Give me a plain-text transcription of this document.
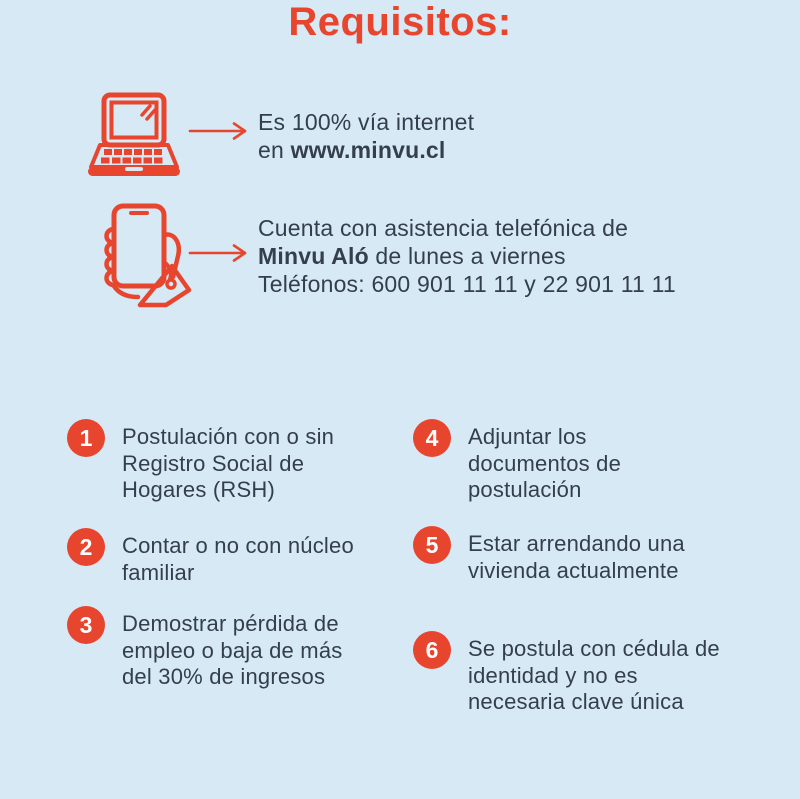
Es 100% vía internet
en www.minvu.cl
Cuenta con asistencia telefónica de
Minvu Aló de lunes a viernes
Teléfonos: 600 901 11 11 y 22 901 11 11
Requisitos:
1	Postulación con o sin Registro Social de Hogares (RSH)
2	Contar o no con núcleo familiar
3	Demostrar pérdida de empleo o baja de más del 30% de ingresos
4	Adjuntar los documentos de postulación
5	Estar arrendando una vivienda actualmente
6	Se postula con cédula de identidad y no es necesaria clave única
